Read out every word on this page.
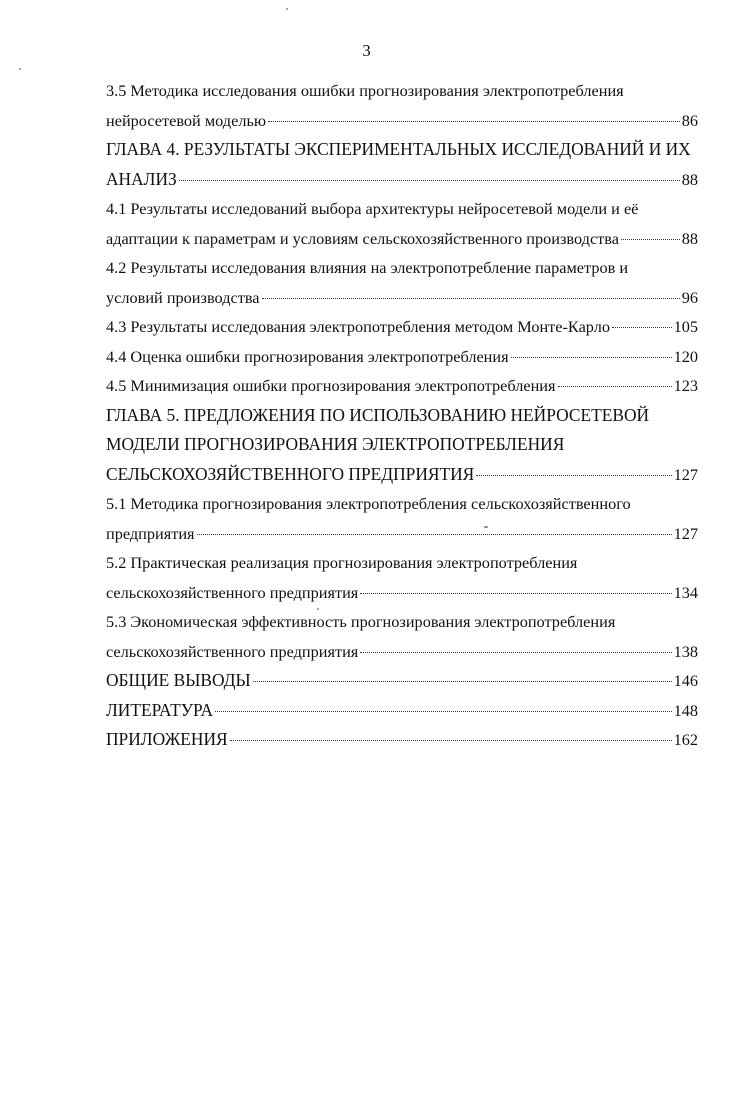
3
3.5 Методика исследования ошибки прогнозирования электропотребления
нейросетевой моделью	86
ГЛАВА 4. РЕЗУЛЬТАТЫ ЭКСПЕРИМЕНТАЛЬНЫХ ИССЛЕДОВАНИЙ И ИХ
АНАЛИЗ	88
4.1 Результаты исследований выбора архитектуры нейросетевой модели и её
адаптации к параметрам и условиям сельскохозяйственного производства	88
4.2 Результаты исследования влияния на электропотребление параметров и
условий производства	96
4.3 Результаты исследования электропотребления методом Монте-Карло	105
4.4 Оценка ошибки прогнозирования электропотребления	120
4.5 Минимизация ошибки прогнозирования электропотребления	123
ГЛАВА 5. ПРЕДЛОЖЕНИЯ ПО ИСПОЛЬЗОВАНИЮ НЕЙРОСЕТЕВОЙ
МОДЕЛИ ПРОГНОЗИРОВАНИЯ ЭЛЕКТРОПОТРЕБЛЕНИЯ
СЕЛЬСКОХОЗЯЙСТВЕННОГО ПРЕДПРИЯТИЯ	127
5.1 Методика прогнозирования электропотребления сельскохозяйственного
предприятия	127
5.2 Практическая реализация прогнозирования электропотребления
сельскохозяйственного предприятия	134
5.3 Экономическая эффективность прогнозирования электропотребления
сельскохозяйственного предприятия	138
ОБЩИЕ ВЫВОДЫ	146
ЛИТЕРАТУРА	148
ПРИЛОЖЕНИЯ	162
